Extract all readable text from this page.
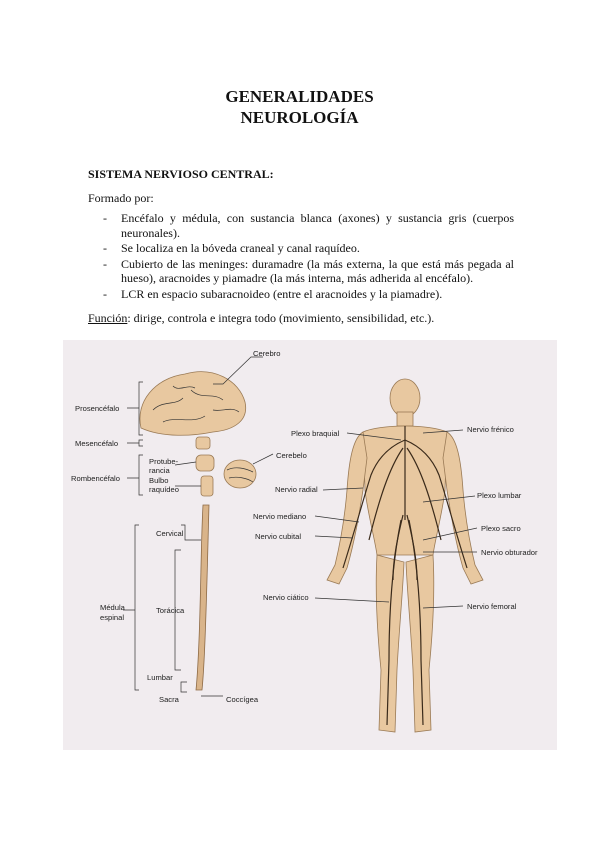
GENERALIDADES
NEUROLOGÍA
SISTEMA NERVIOSO CENTRAL:
Formado por:
- Encéfalo y médula, con sustancia blanca (axones) y sustancia gris (cuerpos neuronales).
- Se localiza en la bóveda craneal y canal raquídeo.
- Cubierto de las meninges: duramadre (la más externa, la que está más pegada al hueso), aracnoides y piamadre (la más interna, más adherida al encéfalo).
- LCR en espacio subaracnoideo (entre el aracnoides y la piamadre).
Función: dirige, controla e integra todo (movimiento, sensibilidad, etc.).
Cerebro
Prosencéfalo
Mesencéfalo
Protube-
rancia
Bulbo
raquídeo
Cerebelo
Rombencéfalo
Cervical
Médula
espinal
Torácica
Lumbar
Sacra	Coccígea
Plexo braquial	Nervio frénico
Nervio radial
Plexo lumbar
Nervio mediano
Plexo sacro
Nervio cubital
Nervio obturador
Nervio ciático
Nervio femoral
